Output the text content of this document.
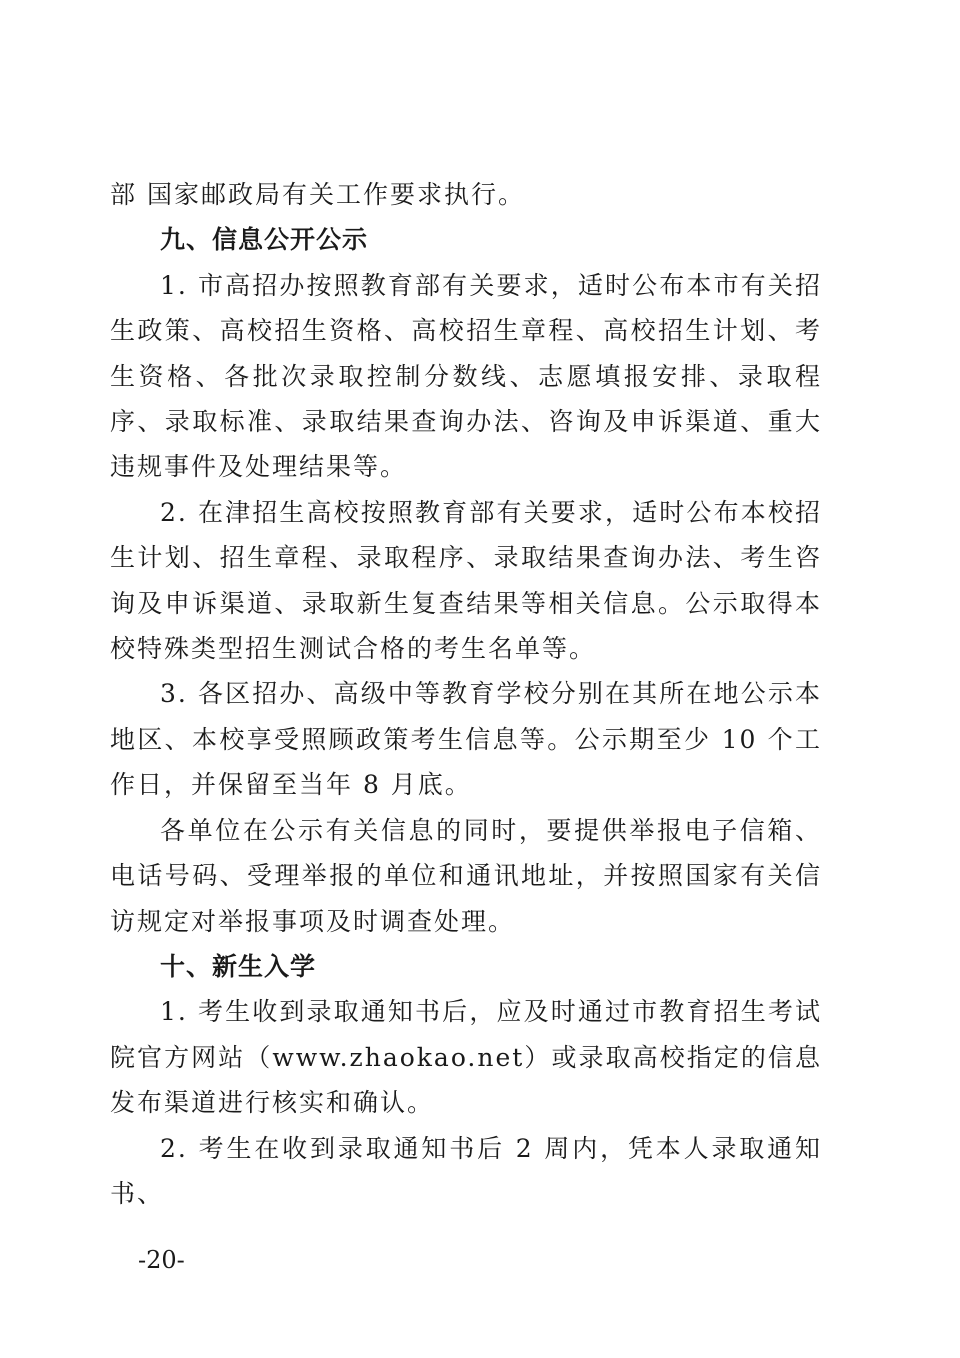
部 国家邮政局有关工作要求执行。

九、信息公开公示

1. 市高招办按照教育部有关要求，适时公布本市有关招生政策、高校招生资格、高校招生章程、高校招生计划、考生资格、各批次录取控制分数线、志愿填报安排、录取程序、录取标准、录取结果查询办法、咨询及申诉渠道、重大违规事件及处理结果等。

2. 在津招生高校按照教育部有关要求，适时公布本校招生计划、招生章程、录取程序、录取结果查询办法、考生咨询及申诉渠道、录取新生复查结果等相关信息。公示取得本校特殊类型招生测试合格的考生名单等。

3. 各区招办、高级中等教育学校分别在其所在地公示本地区、本校享受照顾政策考生信息等。公示期至少 10 个工作日，并保留至当年 8 月底。

各单位在公示有关信息的同时，要提供举报电子信箱、电话号码、受理举报的单位和通讯地址，并按照国家有关信访规定对举报事项及时调查处理。

十、新生入学

1. 考生收到录取通知书后，应及时通过市教育招生考试院官方网站（www.zhaokao.net）或录取高校指定的信息发布渠道进行核实和确认。

2. 考生在收到录取通知书后 2 周内，凭本人录取通知书、

-20-
